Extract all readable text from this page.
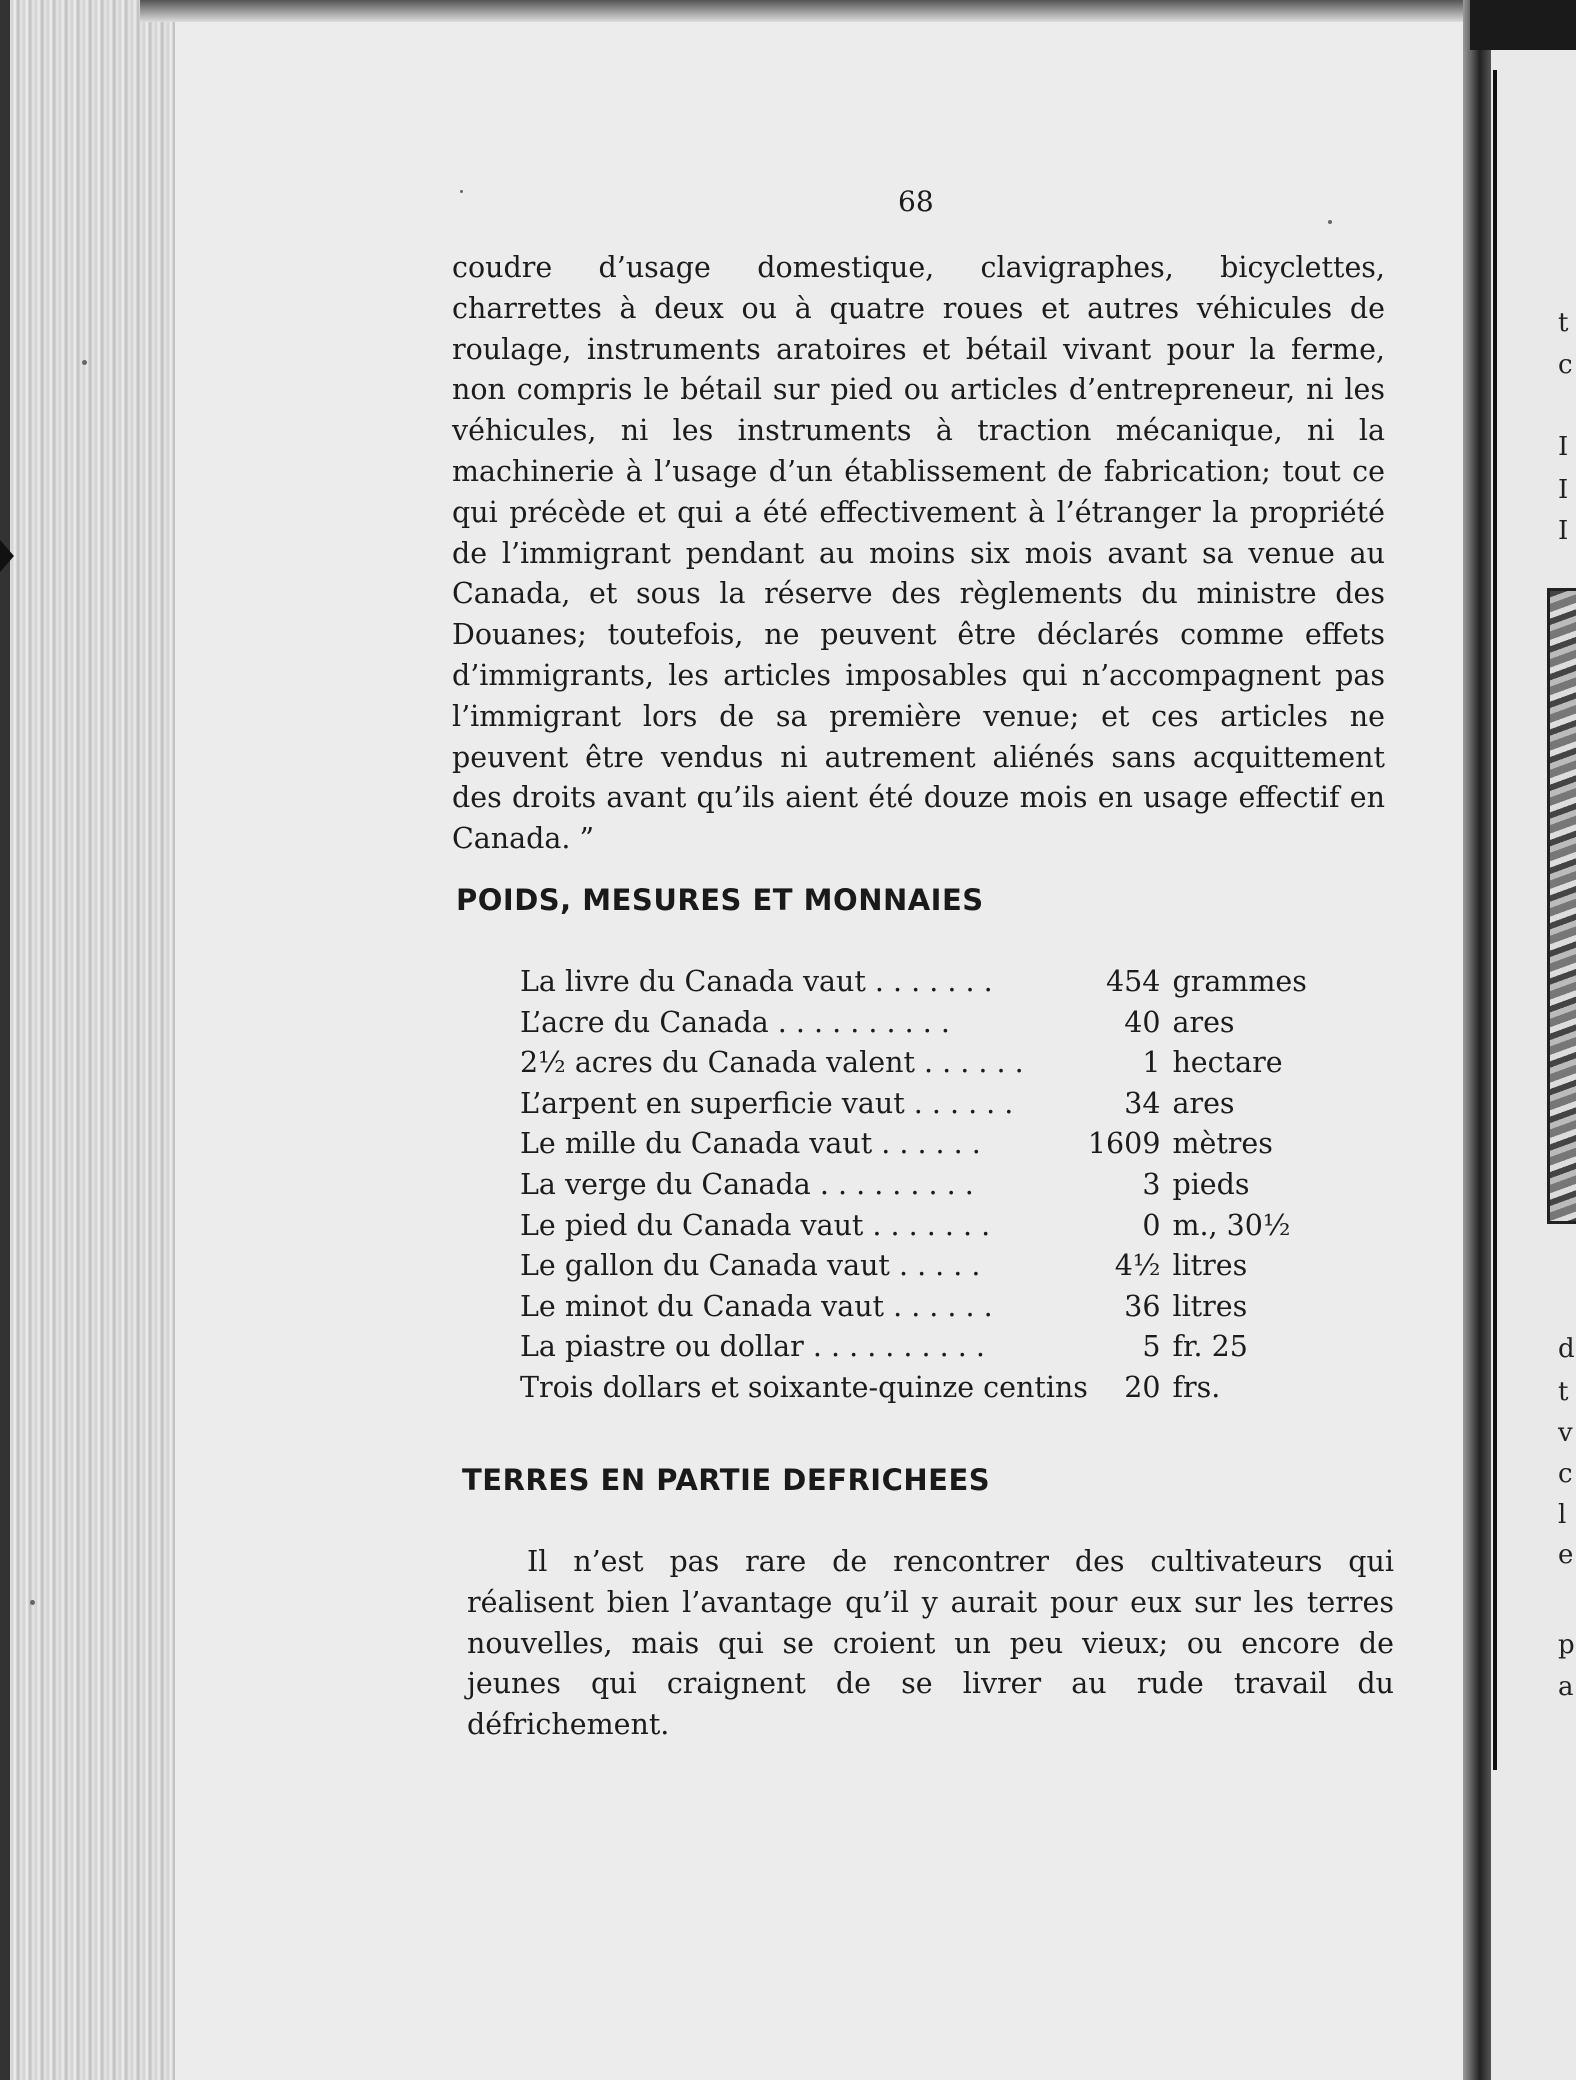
t
c
I
I
I
d
t
v
c
l
e
p
a
68

coudre d’usage domestique, clavigraphes, bicyclettes, charrettes à deux ou à quatre roues et autres véhicules de roulage, instruments aratoires et bétail vivant pour la ferme, non compris le bétail sur pied ou articles d’entrepreneur, ni les véhicules, ni les instruments à traction mécanique, ni la machinerie à l’usage d’un établissement de fabrication; tout ce qui précède et qui a été effectivement à l’étranger la propriété de l’immigrant pendant au moins six mois avant sa venue au Canada, et sous la réserve des règlements du ministre des Douanes; toutefois, ne peuvent être déclarés comme effets d’immigrants, les articles imposables qui n’accompagnent pas l’immigrant lors de sa première venue; et ces articles ne peuvent être vendus ni autrement aliénés sans acquittement des droits avant qu’ils aient été douze mois en usage effectif en Canada. ”

POIDS, MESURES ET MONNAIES
La livre du Canada vaut . . . . . . .	454	grammes
L’acre du Canada . . . . . . . . . .	40	ares
2½ acres du Canada valent . . . . . .	1	hectare
L’arpent en superficie vaut . . . . . .	34	ares
Le mille du Canada vaut . . . . . .	1609	mètres
La verge du Canada . . . . . . . . .	3	pieds
Le pied du Canada vaut . . . . . . .	0	m., 30½
Le gallon du Canada vaut . . . . .	4½	litres
Le minot du Canada vaut . . . . . .	36	litres
La piastre ou dollar . . . . . . . . . .	5	fr. 25
Trois dollars et soixante-quinze centins	20	frs.
TERRES EN PARTIE DEFRICHEES

Il n’est pas rare de rencontrer des cultivateurs qui réalisent bien l’avantage qu’il y aurait pour eux sur les terres nouvelles, mais qui se croient un peu vieux; ou encore de jeunes qui craignent de se livrer au rude travail du défrichement.
